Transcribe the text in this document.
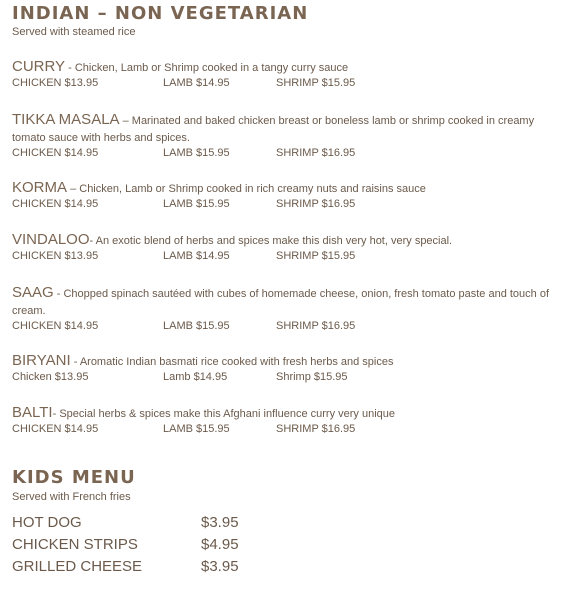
INDIAN – NON VEGETARIAN
Served with steamed rice
CURRY - Chicken, Lamb or Shrimp cooked in a tangy curry sauce
CHICKEN $13.95	LAMB $14.95	SHRIMP $15.95
TIKKA MASALA – Marinated and baked chicken breast or boneless lamb or shrimp cooked in creamy tomato sauce with herbs and spices.
CHICKEN $14.95	LAMB $15.95	SHRIMP $16.95
KORMA – Chicken, Lamb or Shrimp cooked in rich creamy nuts and raisins sauce
CHICKEN $14.95	LAMB $15.95	SHRIMP $16.95
VINDALOO- An exotic blend of herbs and spices make this dish very hot, very special.
CHICKEN $13.95	LAMB $14.95	SHRIMP $15.95
SAAG - Chopped spinach sautéed with cubes of homemade cheese, onion, fresh tomato paste and touch of cream.
CHICKEN $14.95	LAMB $15.95	SHRIMP $16.95
BIRYANI - Aromatic Indian basmati rice cooked with fresh herbs and spices
Chicken $13.95	Lamb $14.95	Shrimp $15.95
BALTI- Special herbs & spices make this Afghani influence curry very unique
CHICKEN $14.95	LAMB $15.95	SHRIMP $16.95
KIDS MENU
Served with French fries
HOT DOG	$3.95
CHICKEN STRIPS	$4.95
GRILLED CHEESE	$3.95
